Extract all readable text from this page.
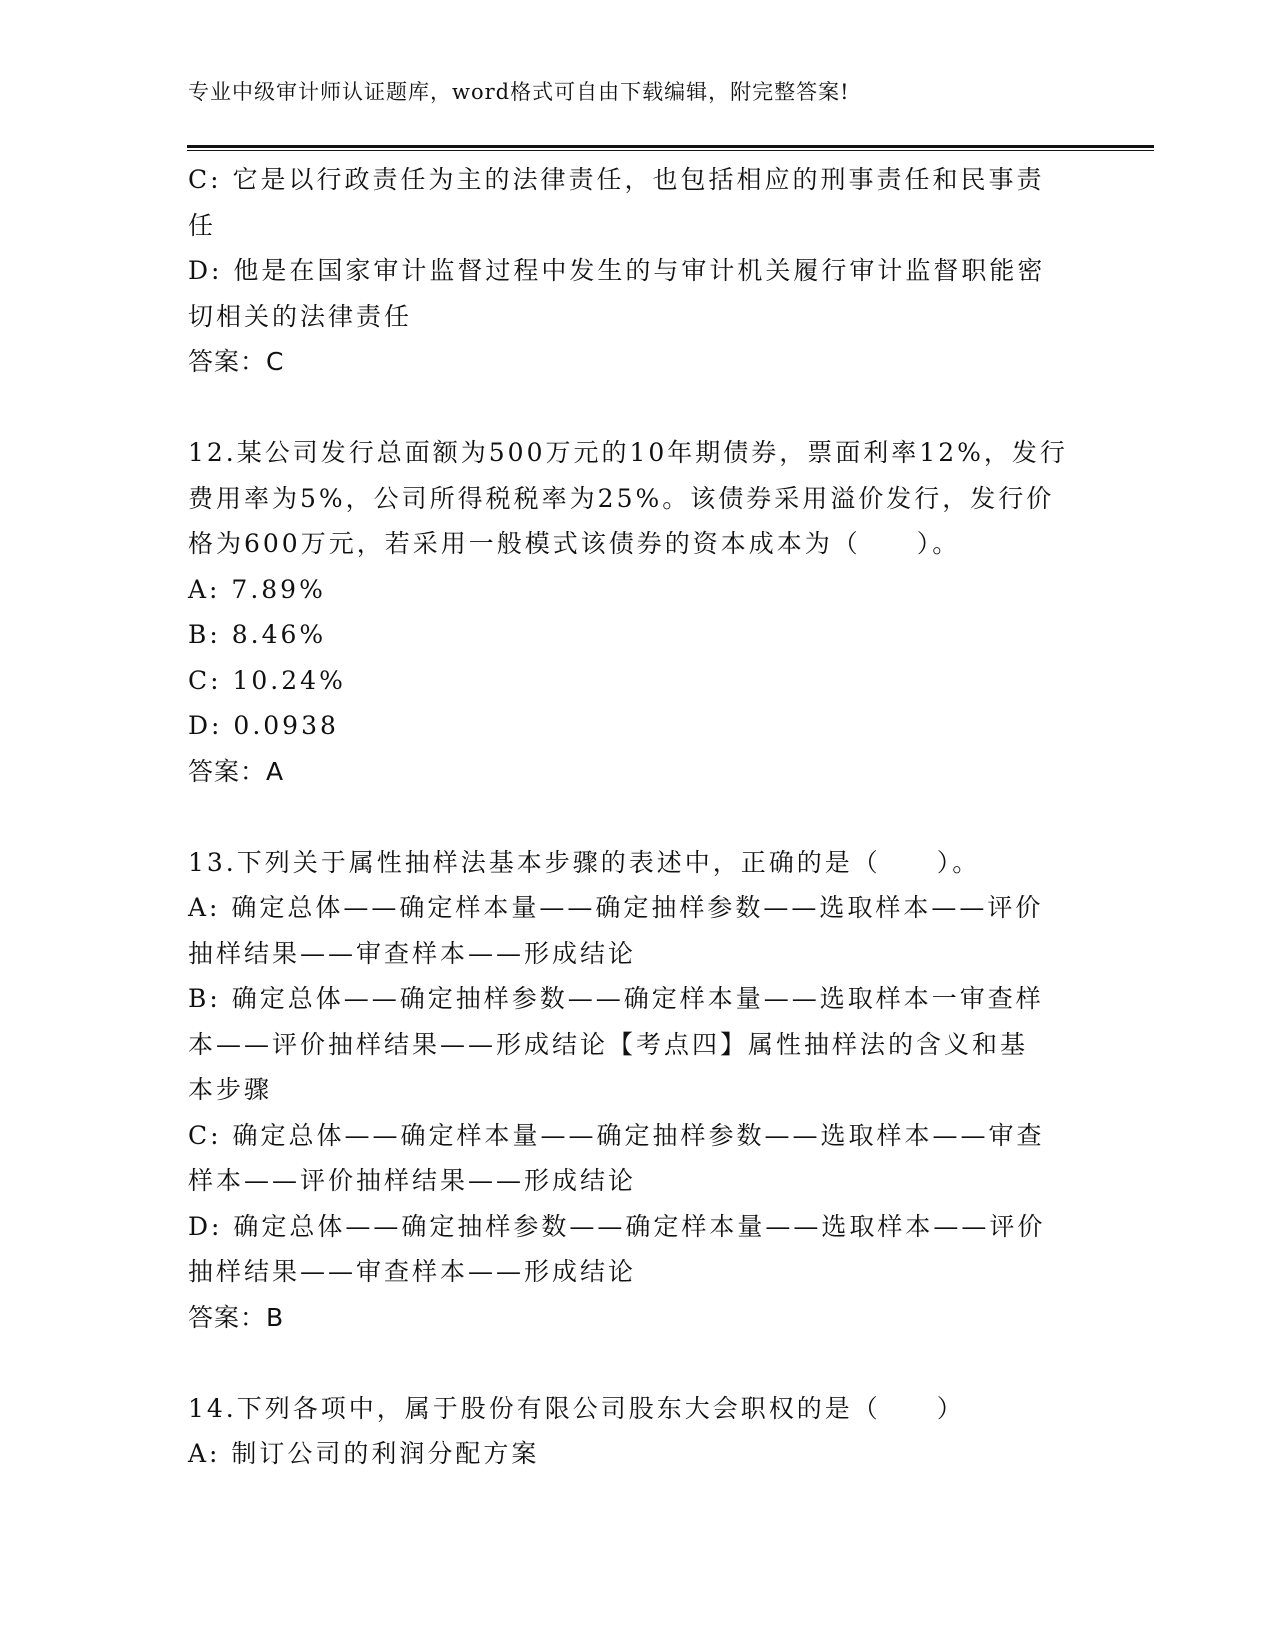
专业中级审计师认证题库，word格式可自由下载编辑，附完整答案!
C: 它是以行政责任为主的法律责任，也包括相应的刑事责任和民事责
任
D: 他是在国家审计监督过程中发生的与审计机关履行审计监督职能密
切相关的法律责任
答案：C
12.某公司发行总面额为500万元的10年期债券，票面利率12%，发行
费用率为5%，公司所得税税率为25%。该债券采用溢价发行，发行价
格为600万元，若采用一般模式该债券的资本成本为（　　）。
A: 7.89%
B: 8.46%
C: 10.24%
D: 0.0938
答案：A
13.下列关于属性抽样法基本步骤的表述中，正确的是（　　）。
A: 确定总体——确定样本量——确定抽样参数——选取样本——评价
抽样结果——审查样本——形成结论
B: 确定总体——确定抽样参数——确定样本量——选取样本一审查样
本——评价抽样结果——形成结论【考点四】属性抽样法的含义和基
本步骤
C: 确定总体——确定样本量——确定抽样参数——选取样本——审查
样本——评价抽样结果——形成结论
D: 确定总体——确定抽样参数——确定样本量——选取样本——评价
抽样结果——审查样本——形成结论
答案：B
14.下列各项中，属于股份有限公司股东大会职权的是（　　）
A: 制订公司的利润分配方案
